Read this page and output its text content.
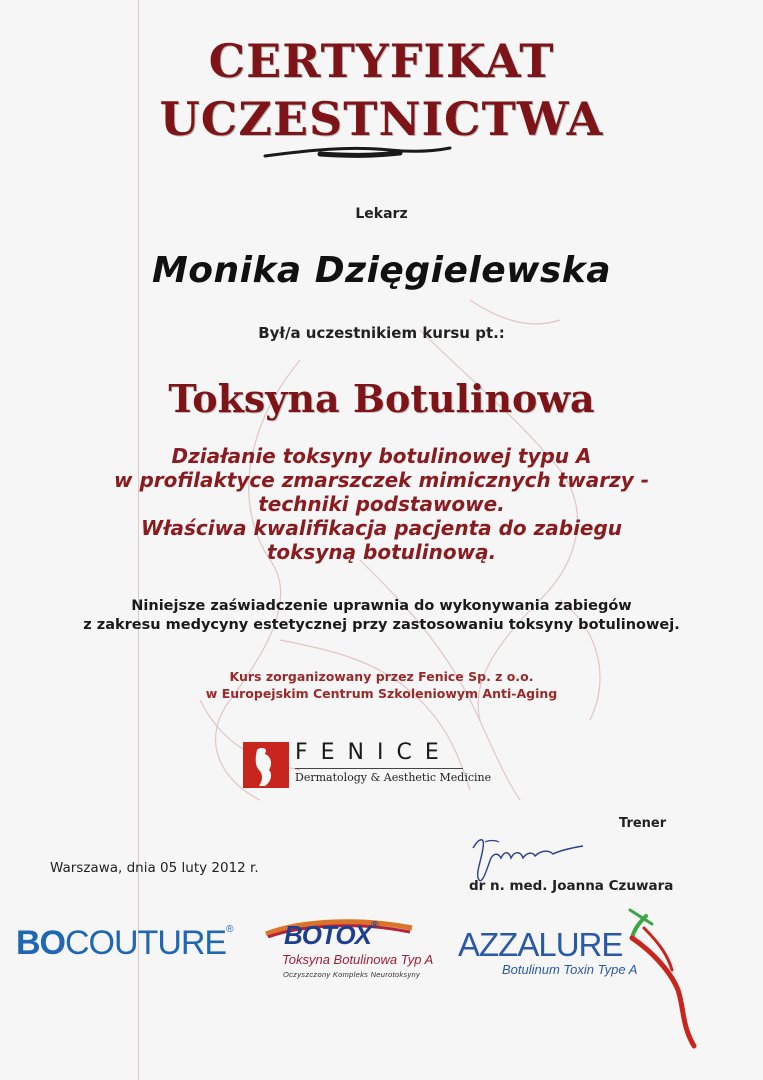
CERTYFIKAT
UCZESTNICTWA
Lekarz
Monika Dzięgielewska
Był/a uczestnikiem kursu pt.:
Toksyna Botulinowa
Działanie toksyny botulinowej typu A
w profilaktyce zmarszczek mimicznych twarzy -
techniki podstawowe.
Właściwa kwalifikacja pacjenta do zabiegu
toksyną botulinową.
Niniejsze zaświadczenie uprawnia do wykonywania zabiegów
z zakresu medycyny estetycznej przy zastosowaniu toksyny botulinowej.
Kurs zorganizowany przez Fenice Sp. z o.o.
w Europejskim Centrum Szkoleniowym Anti-Aging
FENICE
Dermatology & Aesthetic Medicine
Trener
Warszawa, dnia 05 luty 2012 r.
dr n. med. Joanna Czuwara
BOCOUTURE® BOTOX®
Toksyna Botulinowa Typ A
Oczyszczony Kompleks Neurotoksyny
AZZALURE
Botulinum Toxin Type A
